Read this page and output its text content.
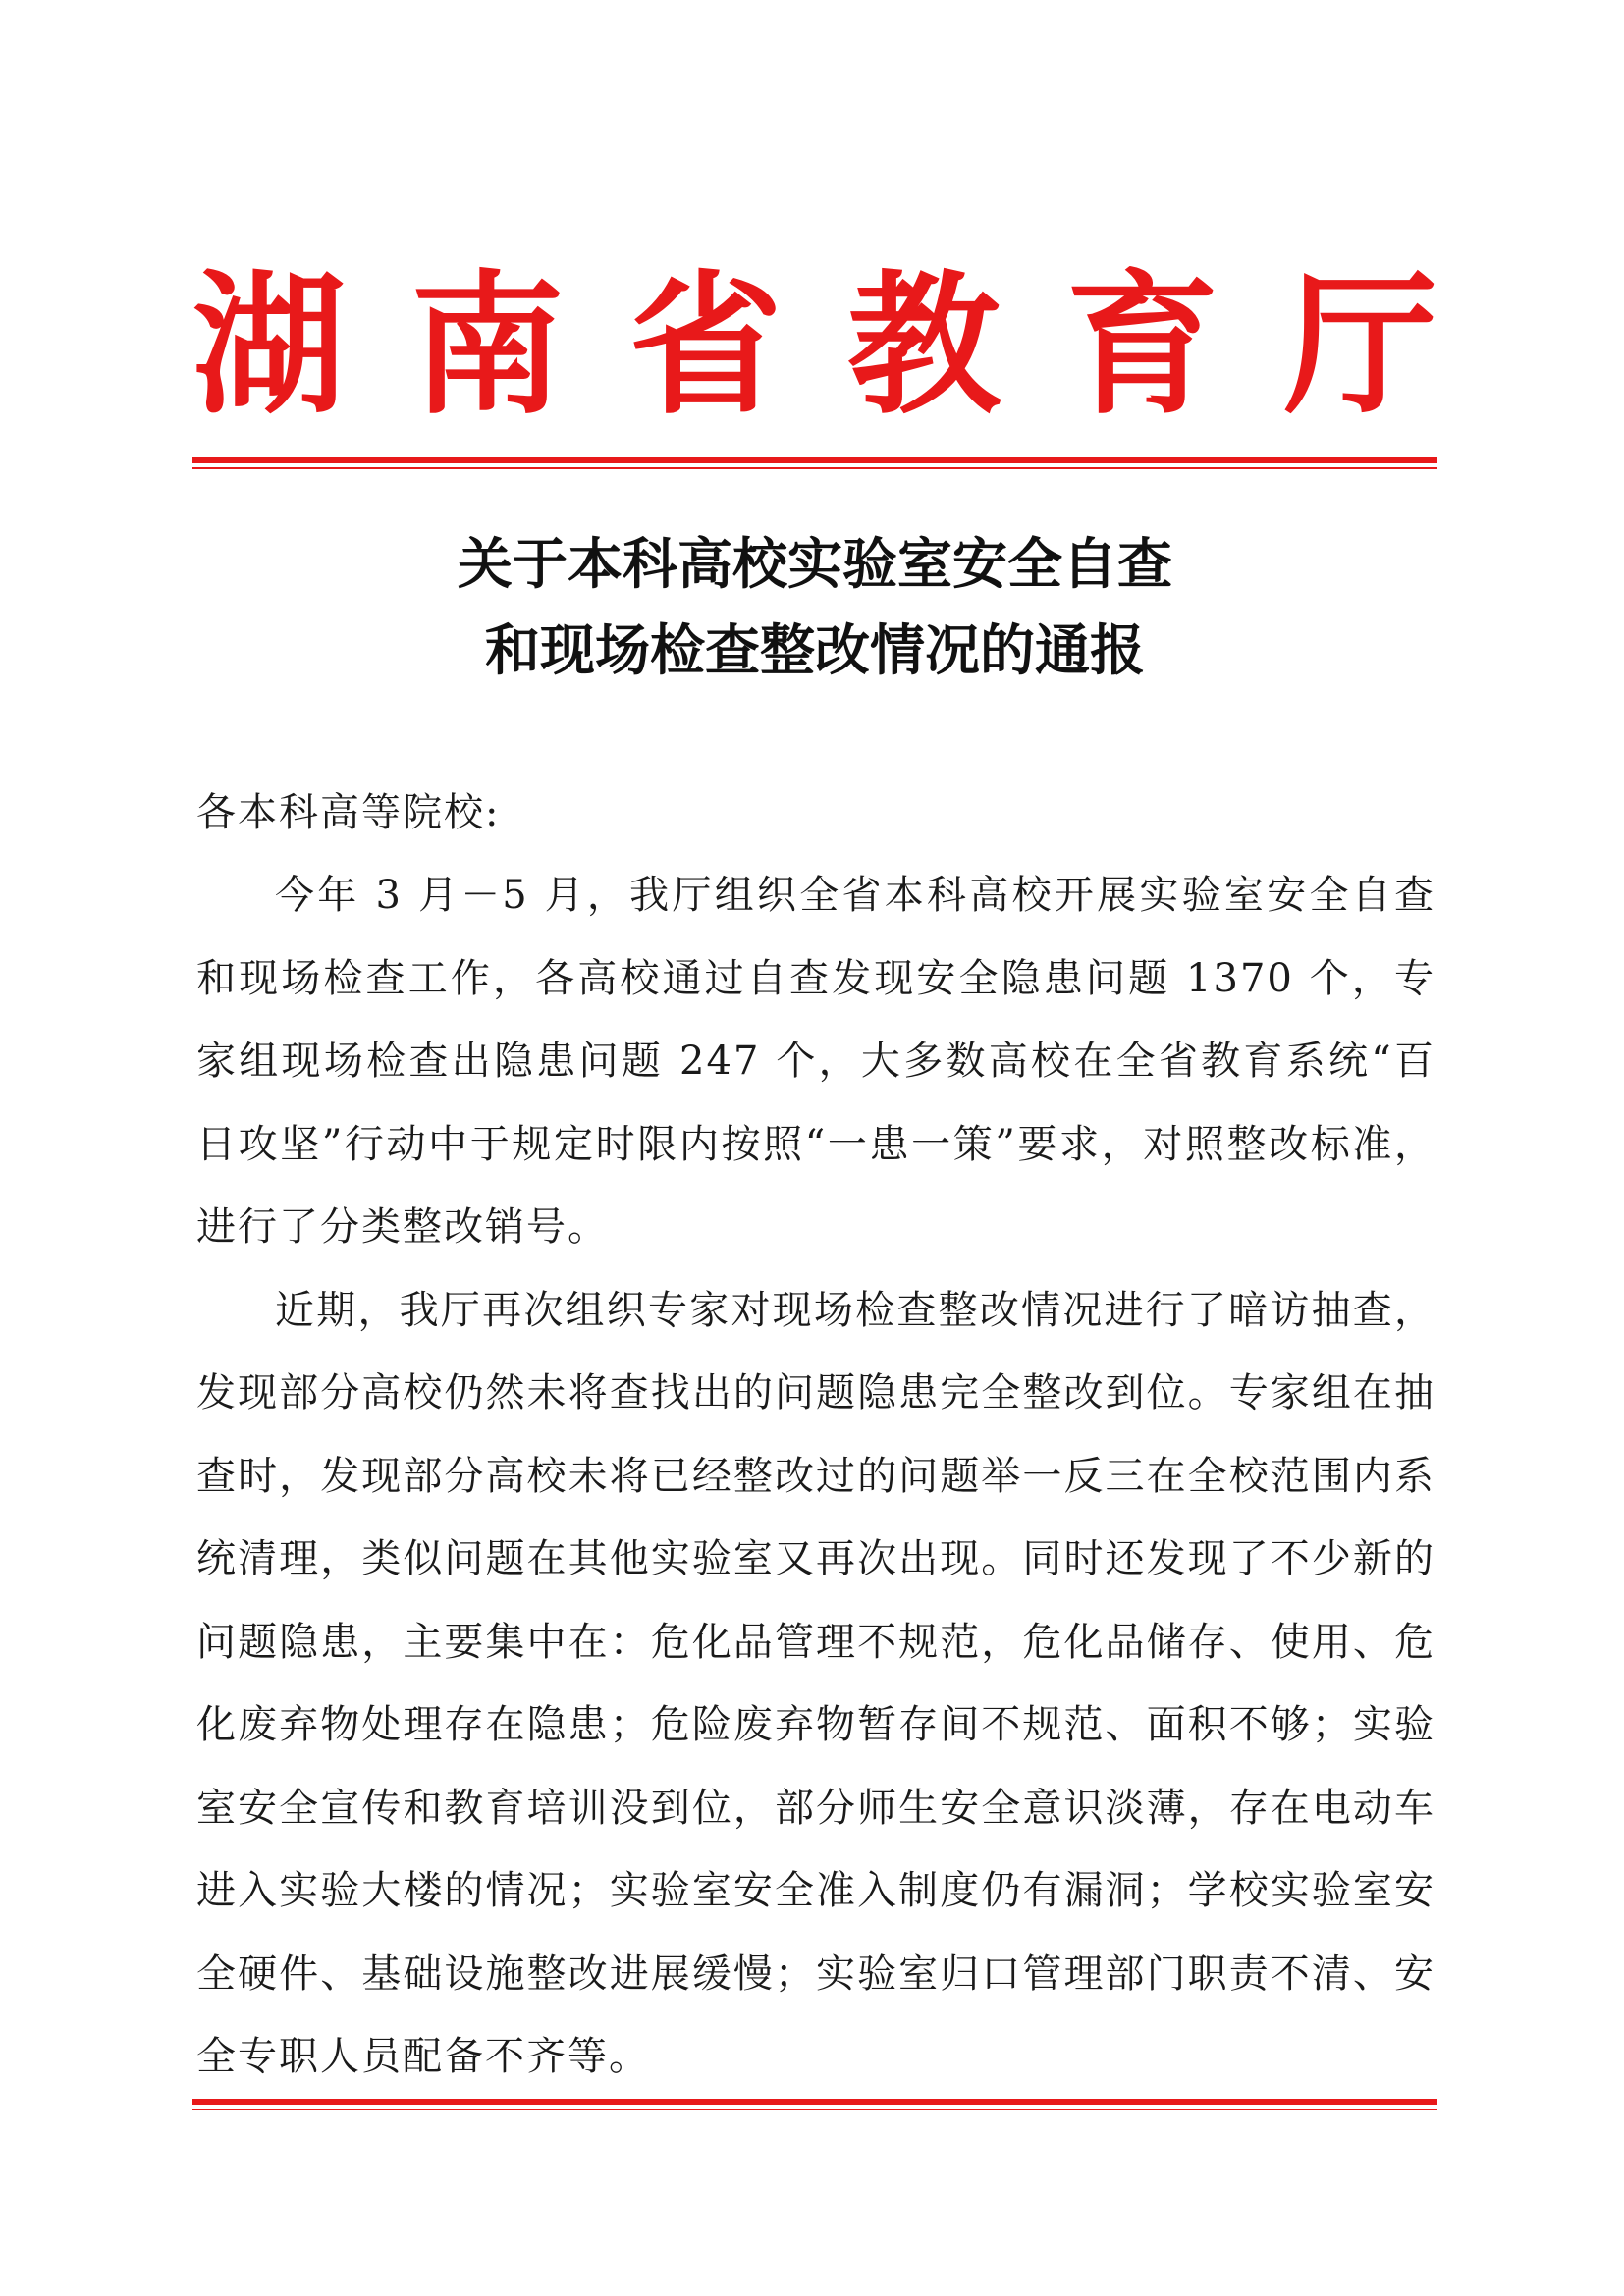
湖 南 省 教 育 厅
关于本科高校实验室安全自查
和现场检查整改情况的通报
各本科高等院校:

今年 3 月－5 月，我厅组织全省本科高校开展实验室安全自查和现场检查工作，各高校通过自查发现安全隐患问题 1370 个，专家组现场检查出隐患问题 247 个，大多数高校在全省教育系统“百日攻坚”行动中于规定时限内按照“一患一策”要求，对照整改标准，进行了分类整改销号。

近期，我厅再次组织专家对现场检查整改情况进行了暗访抽查，发现部分高校仍然未将查找出的问题隐患完全整改到位。专家组在抽查时，发现部分高校未将已经整改过的问题举一反三在全校范围内系统清理，类似问题在其他实验室又再次出现。同时还发现了不少新的问题隐患，主要集中在：危化品管理不规范，危化品储存、使用、危化废弃物处理存在隐患；危险废弃物暂存间不规范、面积不够；实验室安全宣传和教育培训没到位，部分师生安全意识淡薄，存在电动车进入实验大楼的情况；实验室安全准入制度仍有漏洞；学校实验室安全硬件、基础设施整改进展缓慢；实验室归口管理部门职责不清、安全专职人员配备不齐等。
